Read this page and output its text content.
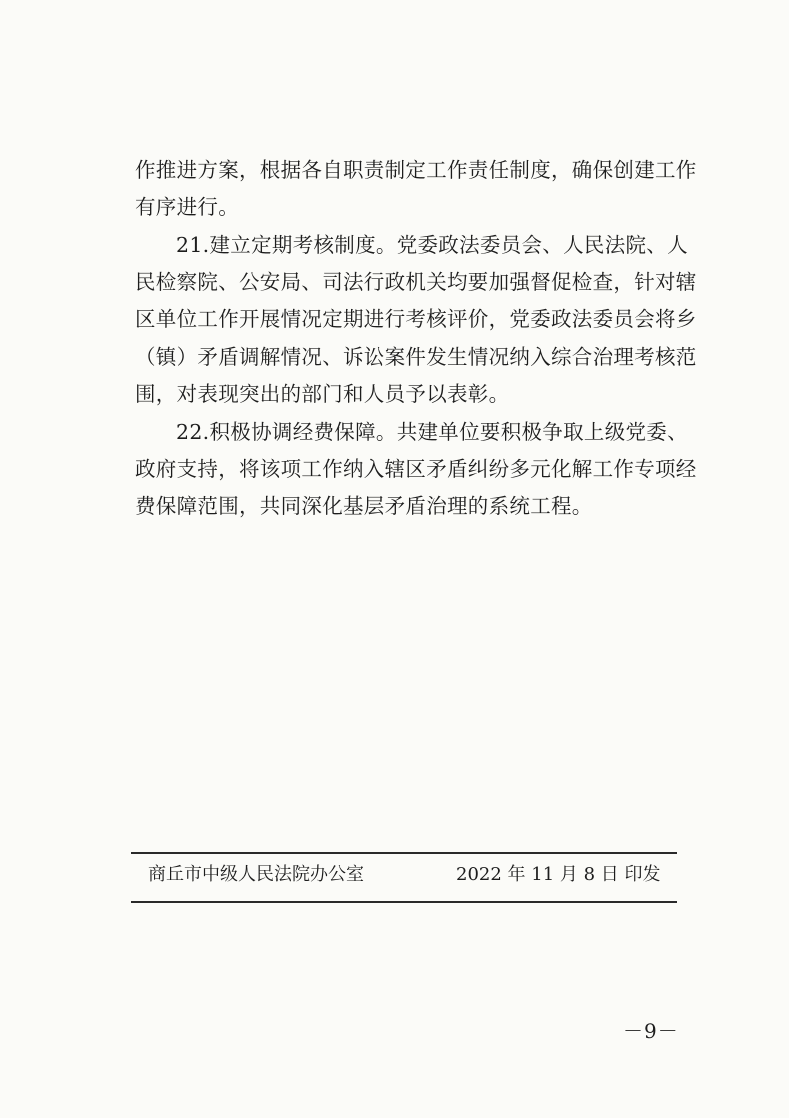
作推进方案，根据各自职责制定工作责任制度，确保创建工作
有序进行。
21.建立定期考核制度。党委政法委员会、人民法院、人
民检察院、公安局、司法行政机关均要加强督促检查，针对辖
区单位工作开展情况定期进行考核评价，党委政法委员会将乡
（镇）矛盾调解情况、诉讼案件发生情况纳入综合治理考核范
围，对表现突出的部门和人员予以表彰。
22.积极协调经费保障。共建单位要积极争取上级党委、
政府支持，将该项工作纳入辖区矛盾纠纷多元化解工作专项经
费保障范围，共同深化基层矛盾治理的系统工程。
商丘市中级人民法院办公室	2022 年 11 月 8 日 印发
－9－
